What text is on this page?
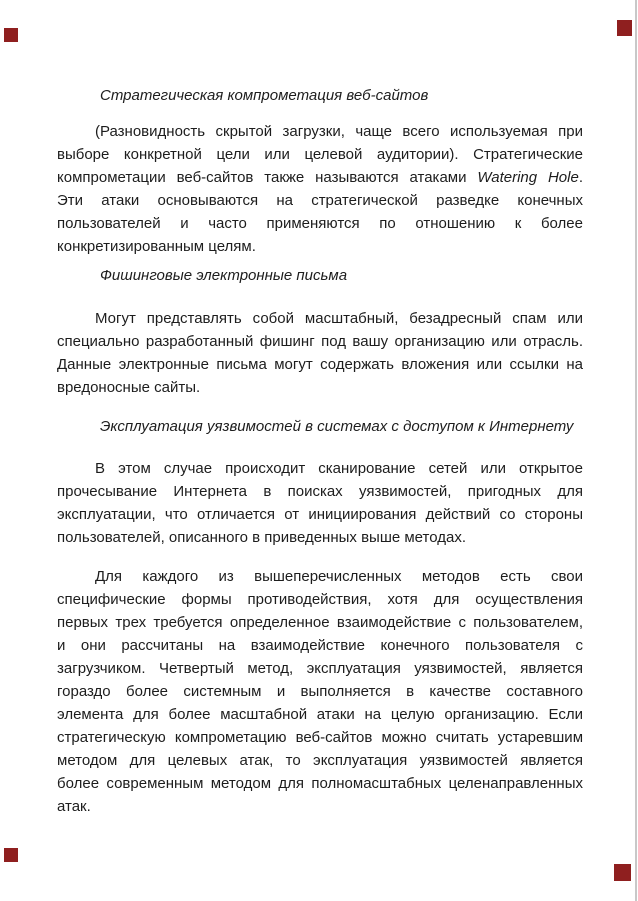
Стратегическая компрометация веб-сайтов
(Разновидность скрытой загрузки, чаще всего используемая при
выборе конкретной цели или целевой аудитории). Стратегические
компрометации веб-сайтов также называются атаками Watering Hole.
Эти атаки основываются на стратегической разведке конечных
пользователей и часто применяются по отношению к более
конкретизированным целям.
Фишинговые электронные письма
Могут представлять собой масштабный, безадресный спам или
специально разработанный фишинг под вашу организацию или отрасль.
Данные электронные письма могут содержать вложения или ссылки на
вредоносные сайты.
Эксплуатация уязвимостей в системах с доступом к Интернету
В этом случае происходит сканирование сетей или открытое
прочесывание Интернета в поисках уязвимостей, пригодных для
эксплуатации, что отличается от инициирования действий со стороны
пользователей, описанного в приведенных выше методах.
Для каждого из вышеперечисленных методов есть свои
специфические формы противодействия, хотя для осуществления
первых трех требуется определенное взаимодействие с пользователем,
и они рассчитаны на взаимодействие конечного пользователя с
загрузчиком. Четвертый метод, эксплуатация уязвимостей, является
гораздо более системным и выполняется в качестве составного
элемента для более масштабной атаки на целую организацию. Если
стратегическую компрометацию веб-сайтов можно считать устаревшим
методом для целевых атак, то эксплуатация уязвимостей является
более современным методом для полномасштабных целенаправленных
атак.
